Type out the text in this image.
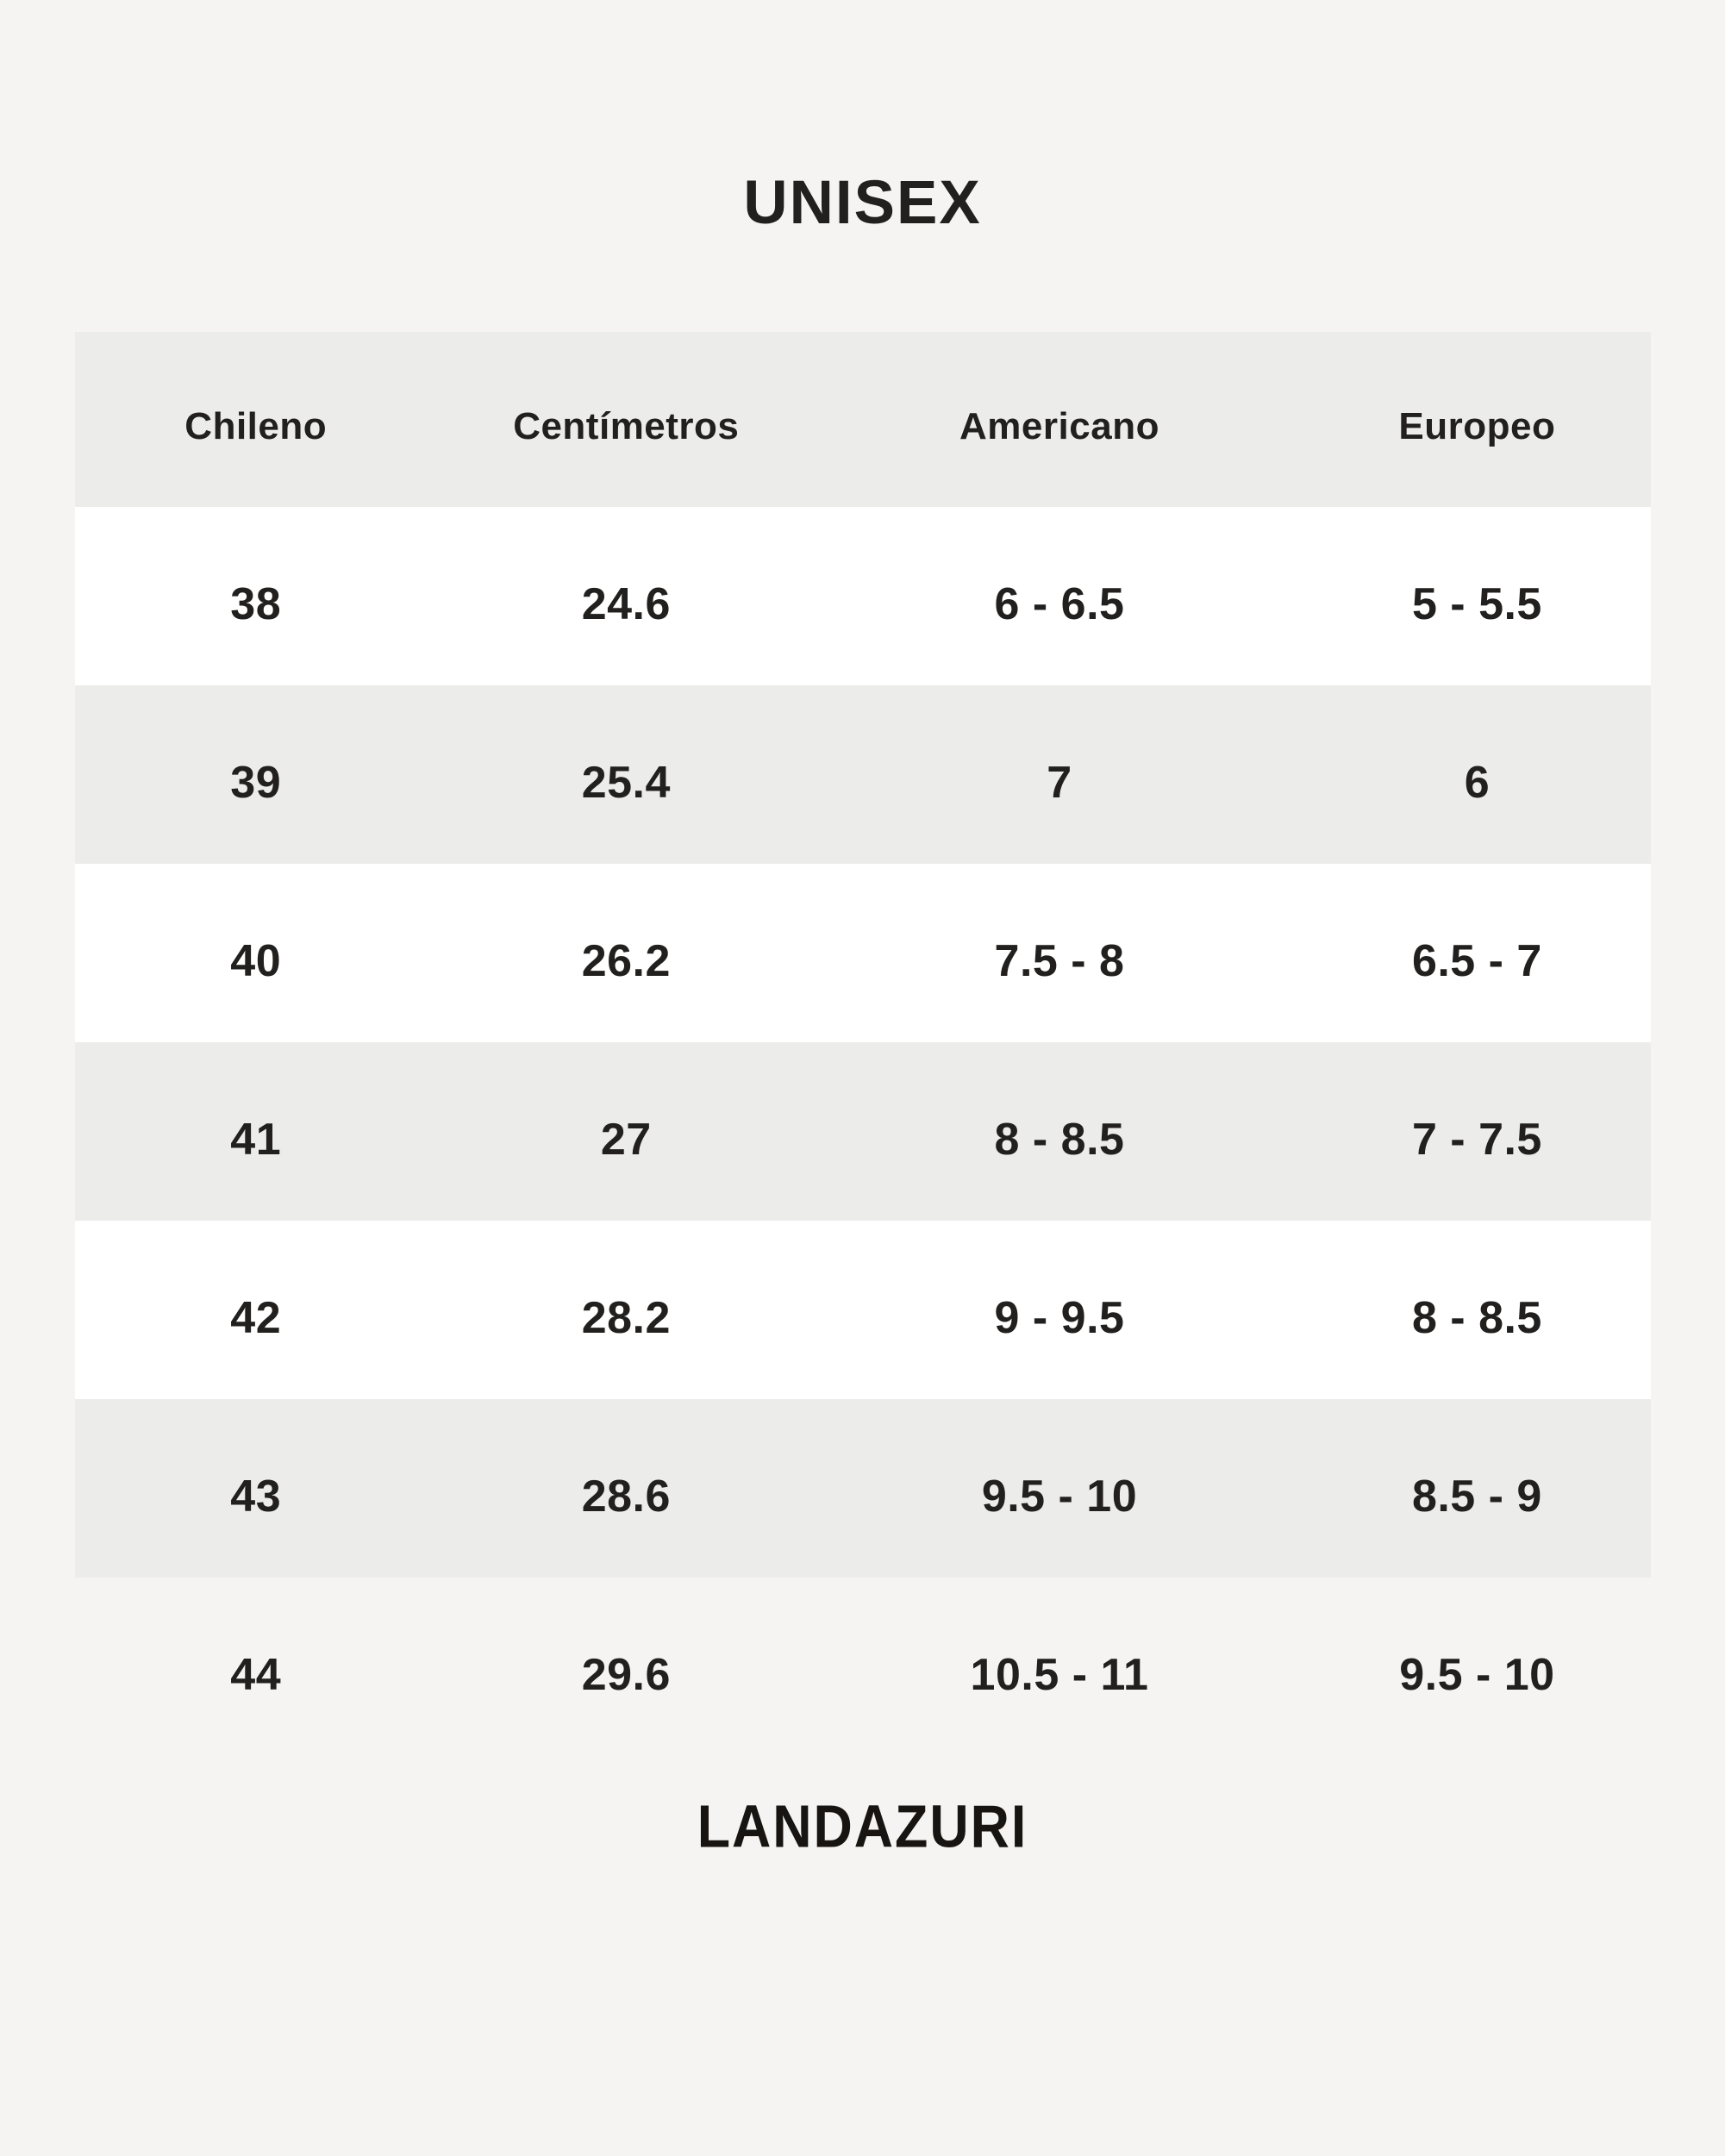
UNISEX
Chileno	Centímetros	Americano	Europeo
38	24.6	6 - 6.5	5 - 5.5
39	25.4	7	6
40	26.2	7.5 - 8	6.5 - 7
41	27	8 - 8.5	7 - 7.5
42	28.2	9 - 9.5	8 - 8.5
43	28.6	9.5 - 10	8.5 - 9
44	29.6	10.5 - 11	9.5 - 10
LANDAZURI
